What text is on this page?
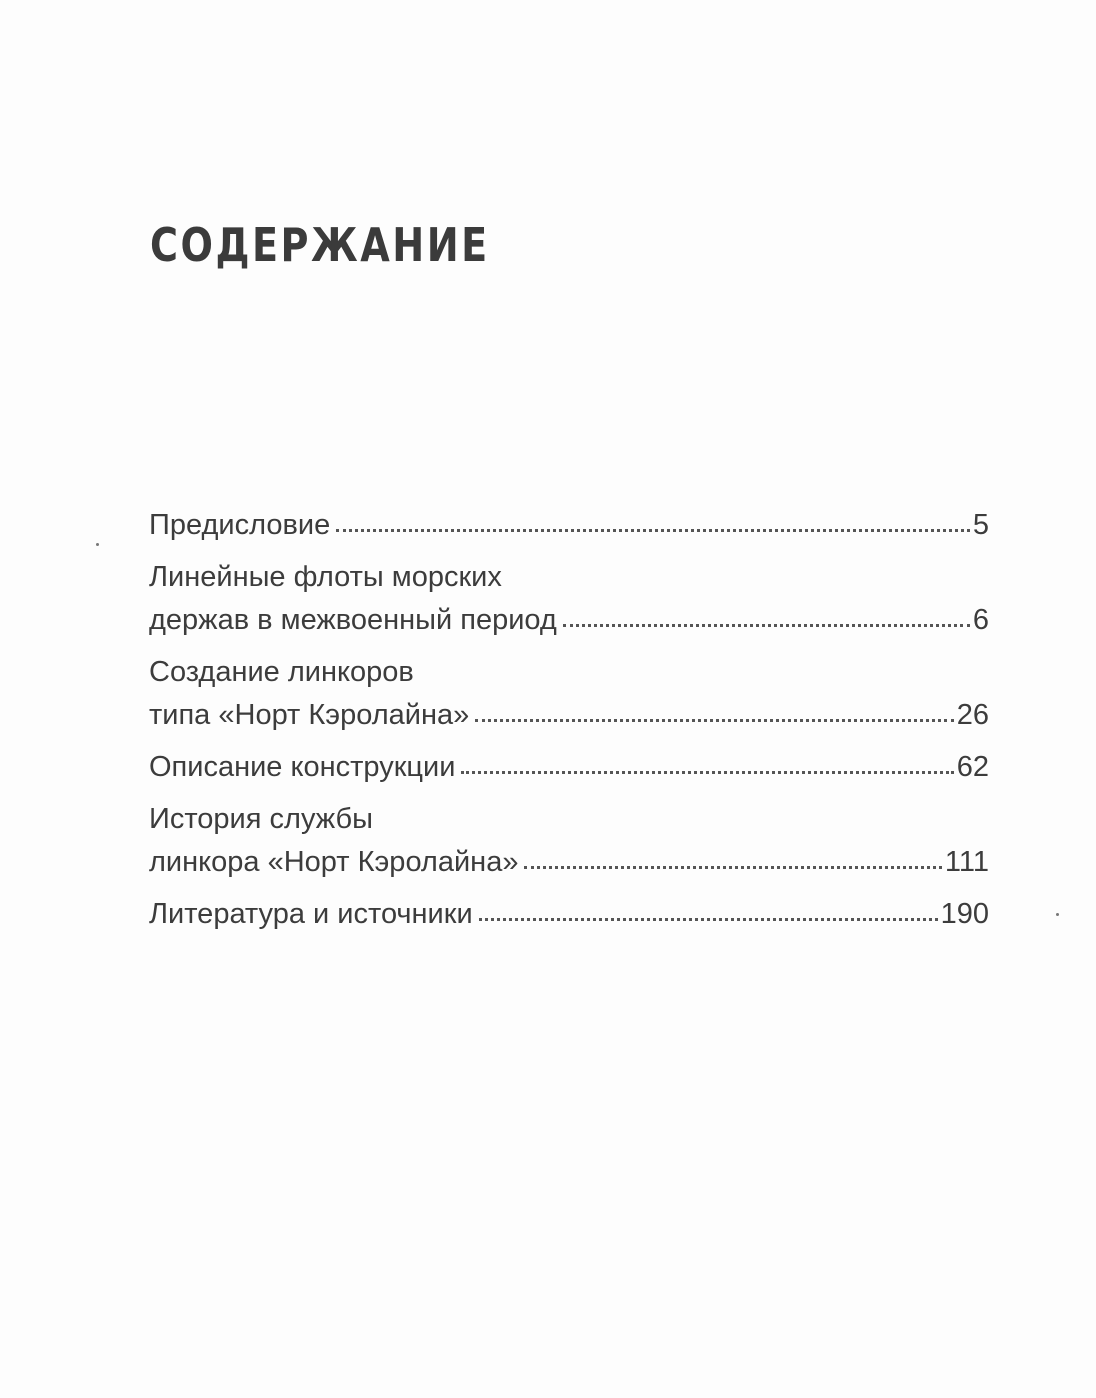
СОДЕРЖАНИЕ
Предисловие	5
Линейные флоты морских
держав в межвоенный период	6
Создание линкоров
типа «Норт Кэролайна»	26
Описание конструкции	62
История службы
линкора «Норт Кэролайна»	111
Литература и источники	190
